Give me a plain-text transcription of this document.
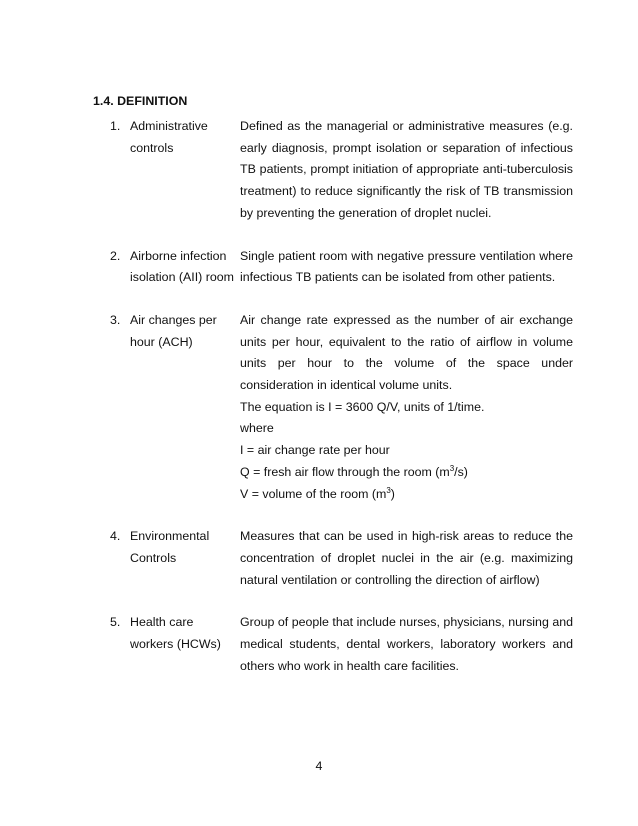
1.4. DEFINITION
1. Administrative controls
Defined as the managerial or administrative measures (e.g. early diagnosis, prompt isolation or separation of infectious TB patients, prompt initiation of appropriate anti-tuberculosis treatment) to reduce significantly the risk of TB transmission by preventing the generation of droplet nuclei.
2. Airborne infection isolation (AII) room
Single patient room with negative pressure ventilation where infectious TB patients can be isolated from other patients.
3. Air changes per hour (ACH)
Air change rate expressed as the number of air exchange units per hour, equivalent to the ratio of airflow in volume units per hour to the volume of the space under consideration in identical volume units.
The equation is I = 3600 Q/V, units of 1/time.
where
I = air change rate per hour
Q = fresh air flow through the room $(m^3/s)$
V = volume of the room $(m^3)$
4. Environmental Controls
Measures that can be used in high-risk areas to reduce the concentration of droplet nuclei in the air (e.g. maximizing natural ventilation or controlling the direction of airflow)
5. Health care workers (HCWs)
Group of people that include nurses, physicians, nursing and medical students, dental workers, laboratory workers and others who work in health care facilities.
4
